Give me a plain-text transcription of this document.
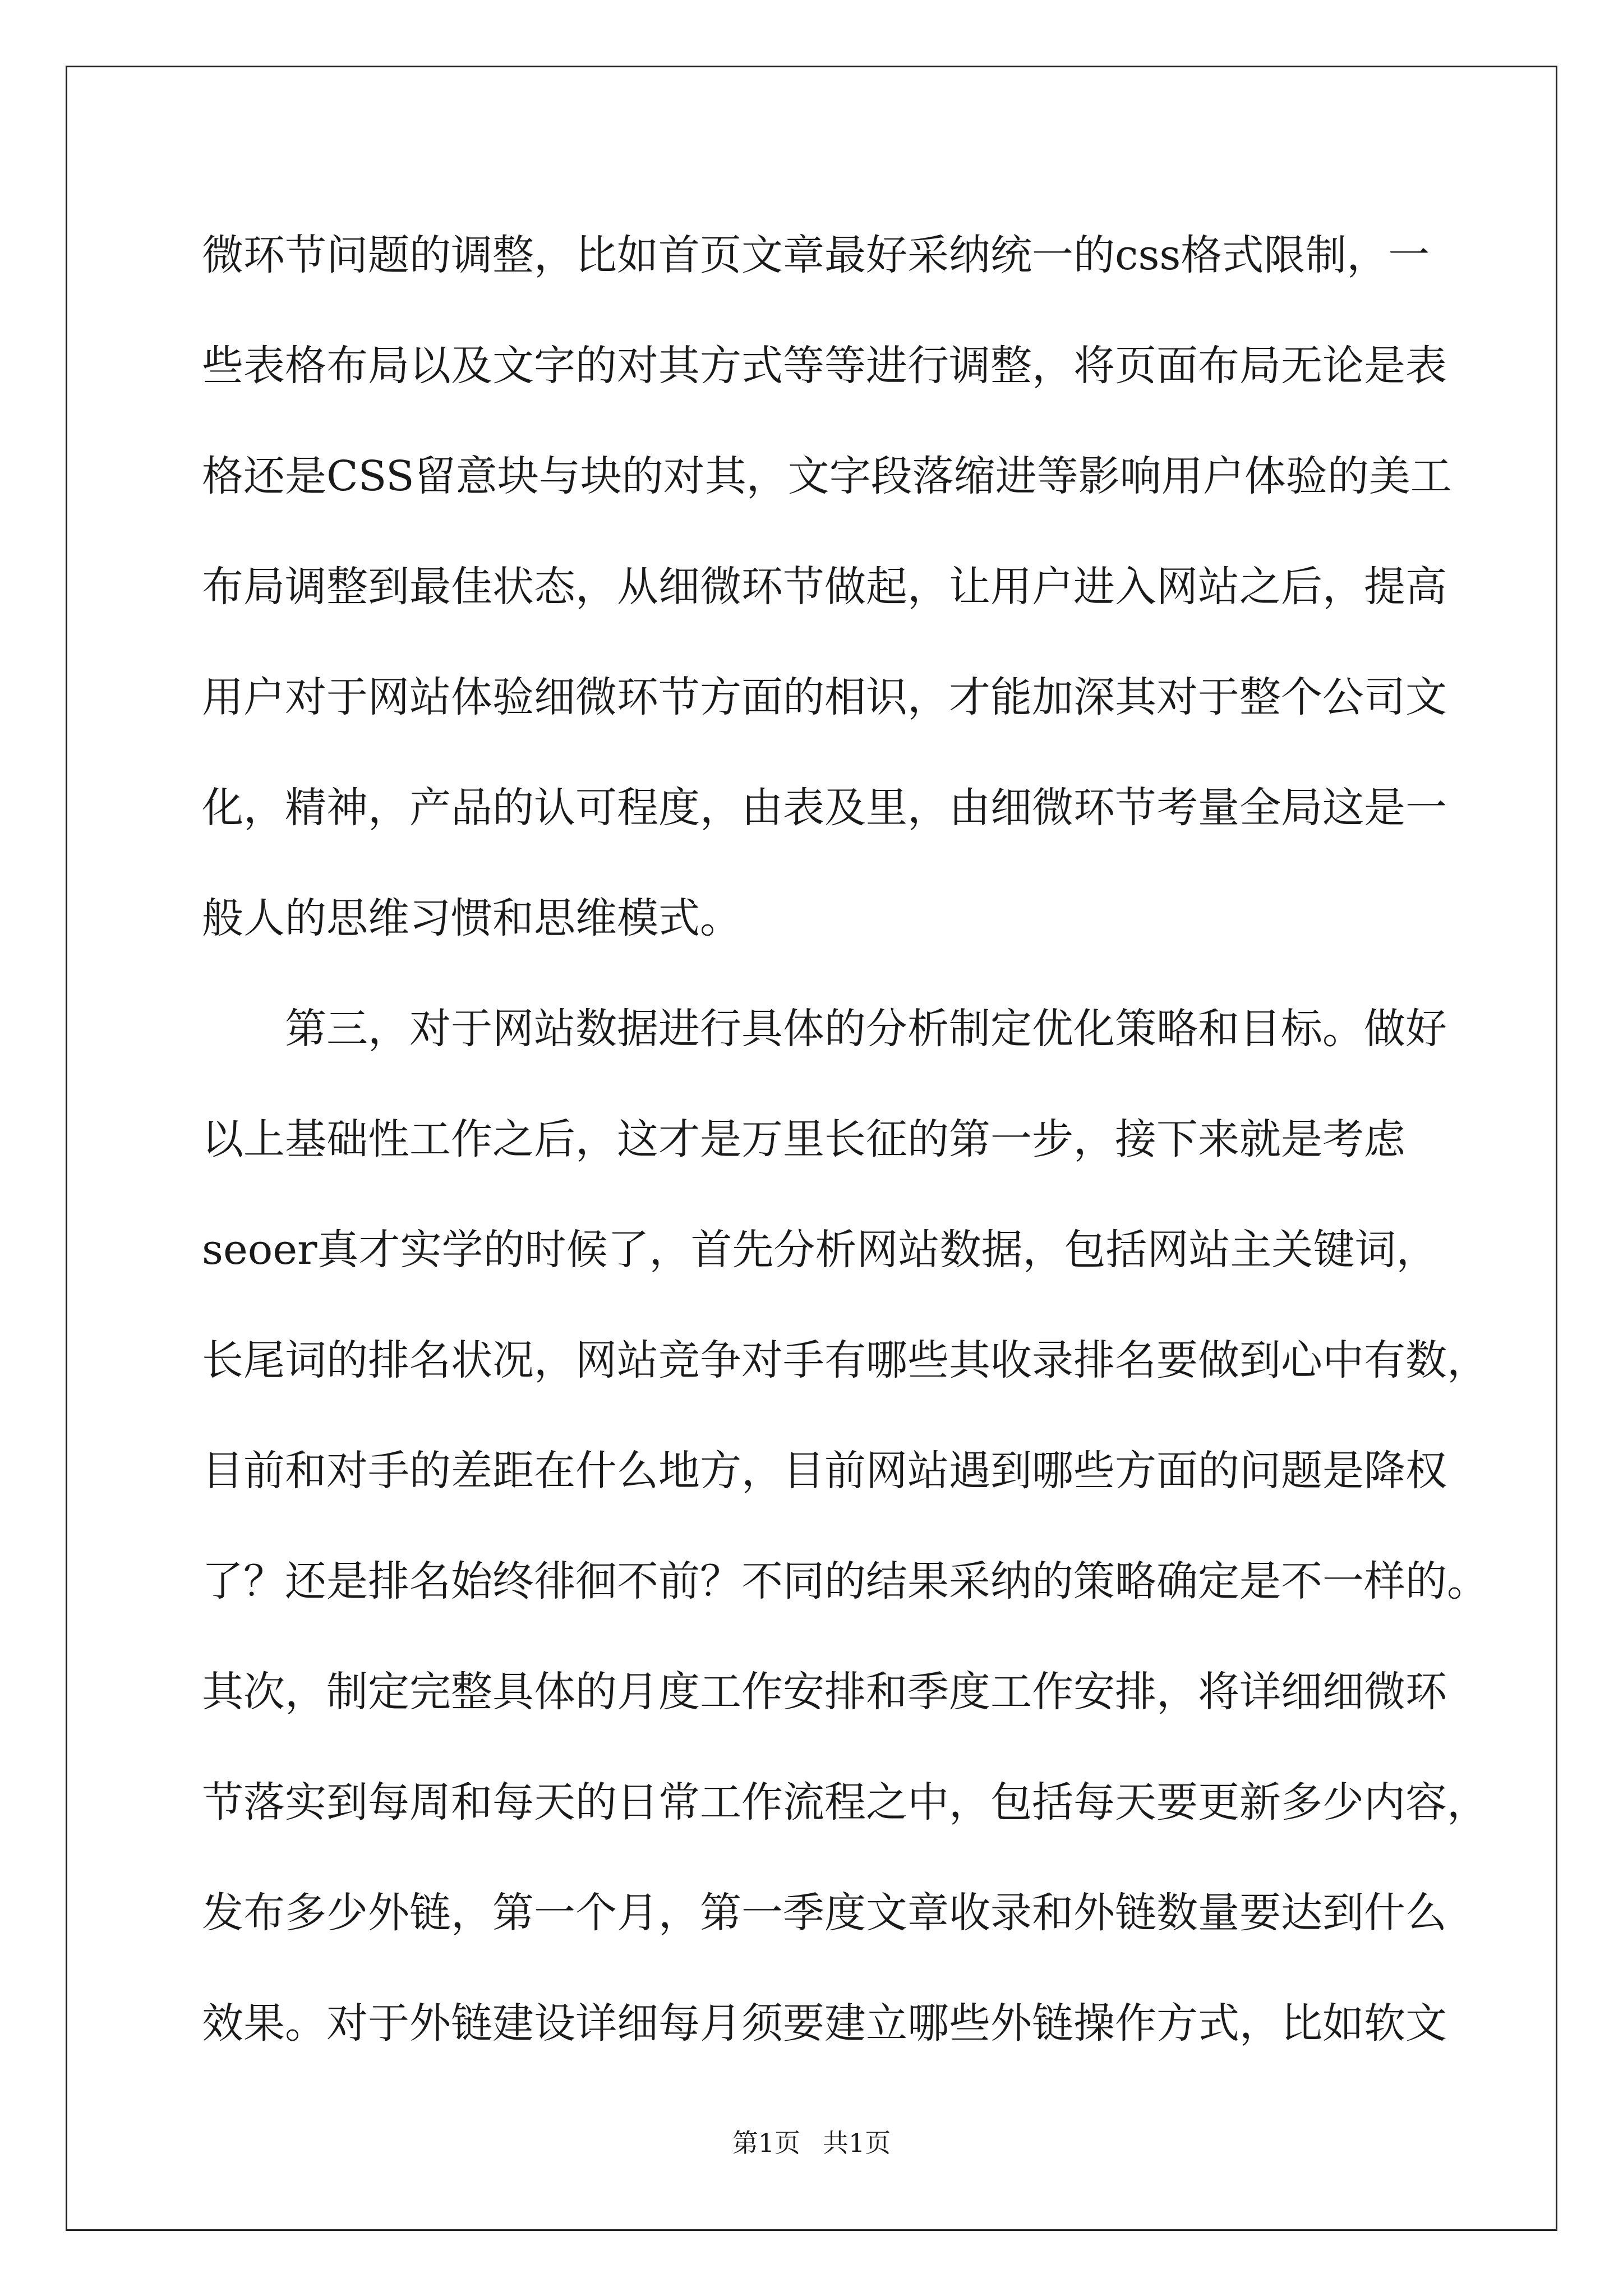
微环节问题的调整，比如首页文章最好采纳统一的css格式限制，一
些表格布局以及文字的对其方式等等进行调整，将页面布局无论是表
格还是CSS留意块与块的对其，文字段落缩进等影响用户体验的美工
布局调整到最佳状态，从细微环节做起，让用户进入网站之后，提高
用户对于网站体验细微环节方面的相识，才能加深其对于整个公司文
化，精神，产品的认可程度，由表及里，由细微环节考量全局这是一
般人的思维习惯和思维模式。
　　第三，对于网站数据进行具体的分析制定优化策略和目标。做好
以上基础性工作之后，这才是万里长征的第一步，接下来就是考虑
seoer真才实学的时候了，首先分析网站数据，包括网站主关键词，
长尾词的排名状况，网站竞争对手有哪些其收录排名要做到心中有数，
目前和对手的差距在什么地方，目前网站遇到哪些方面的问题是降权
了？还是排名始终徘徊不前？不同的结果采纳的策略确定是不一样的。
其次，制定完整具体的月度工作安排和季度工作安排，将详细细微环
节落实到每周和每天的日常工作流程之中，包括每天要更新多少内容，
发布多少外链，第一个月，第一季度文章收录和外链数量要达到什么
效果。对于外链建设详细每月须要建立哪些外链操作方式，比如软文
第1页 共1页
